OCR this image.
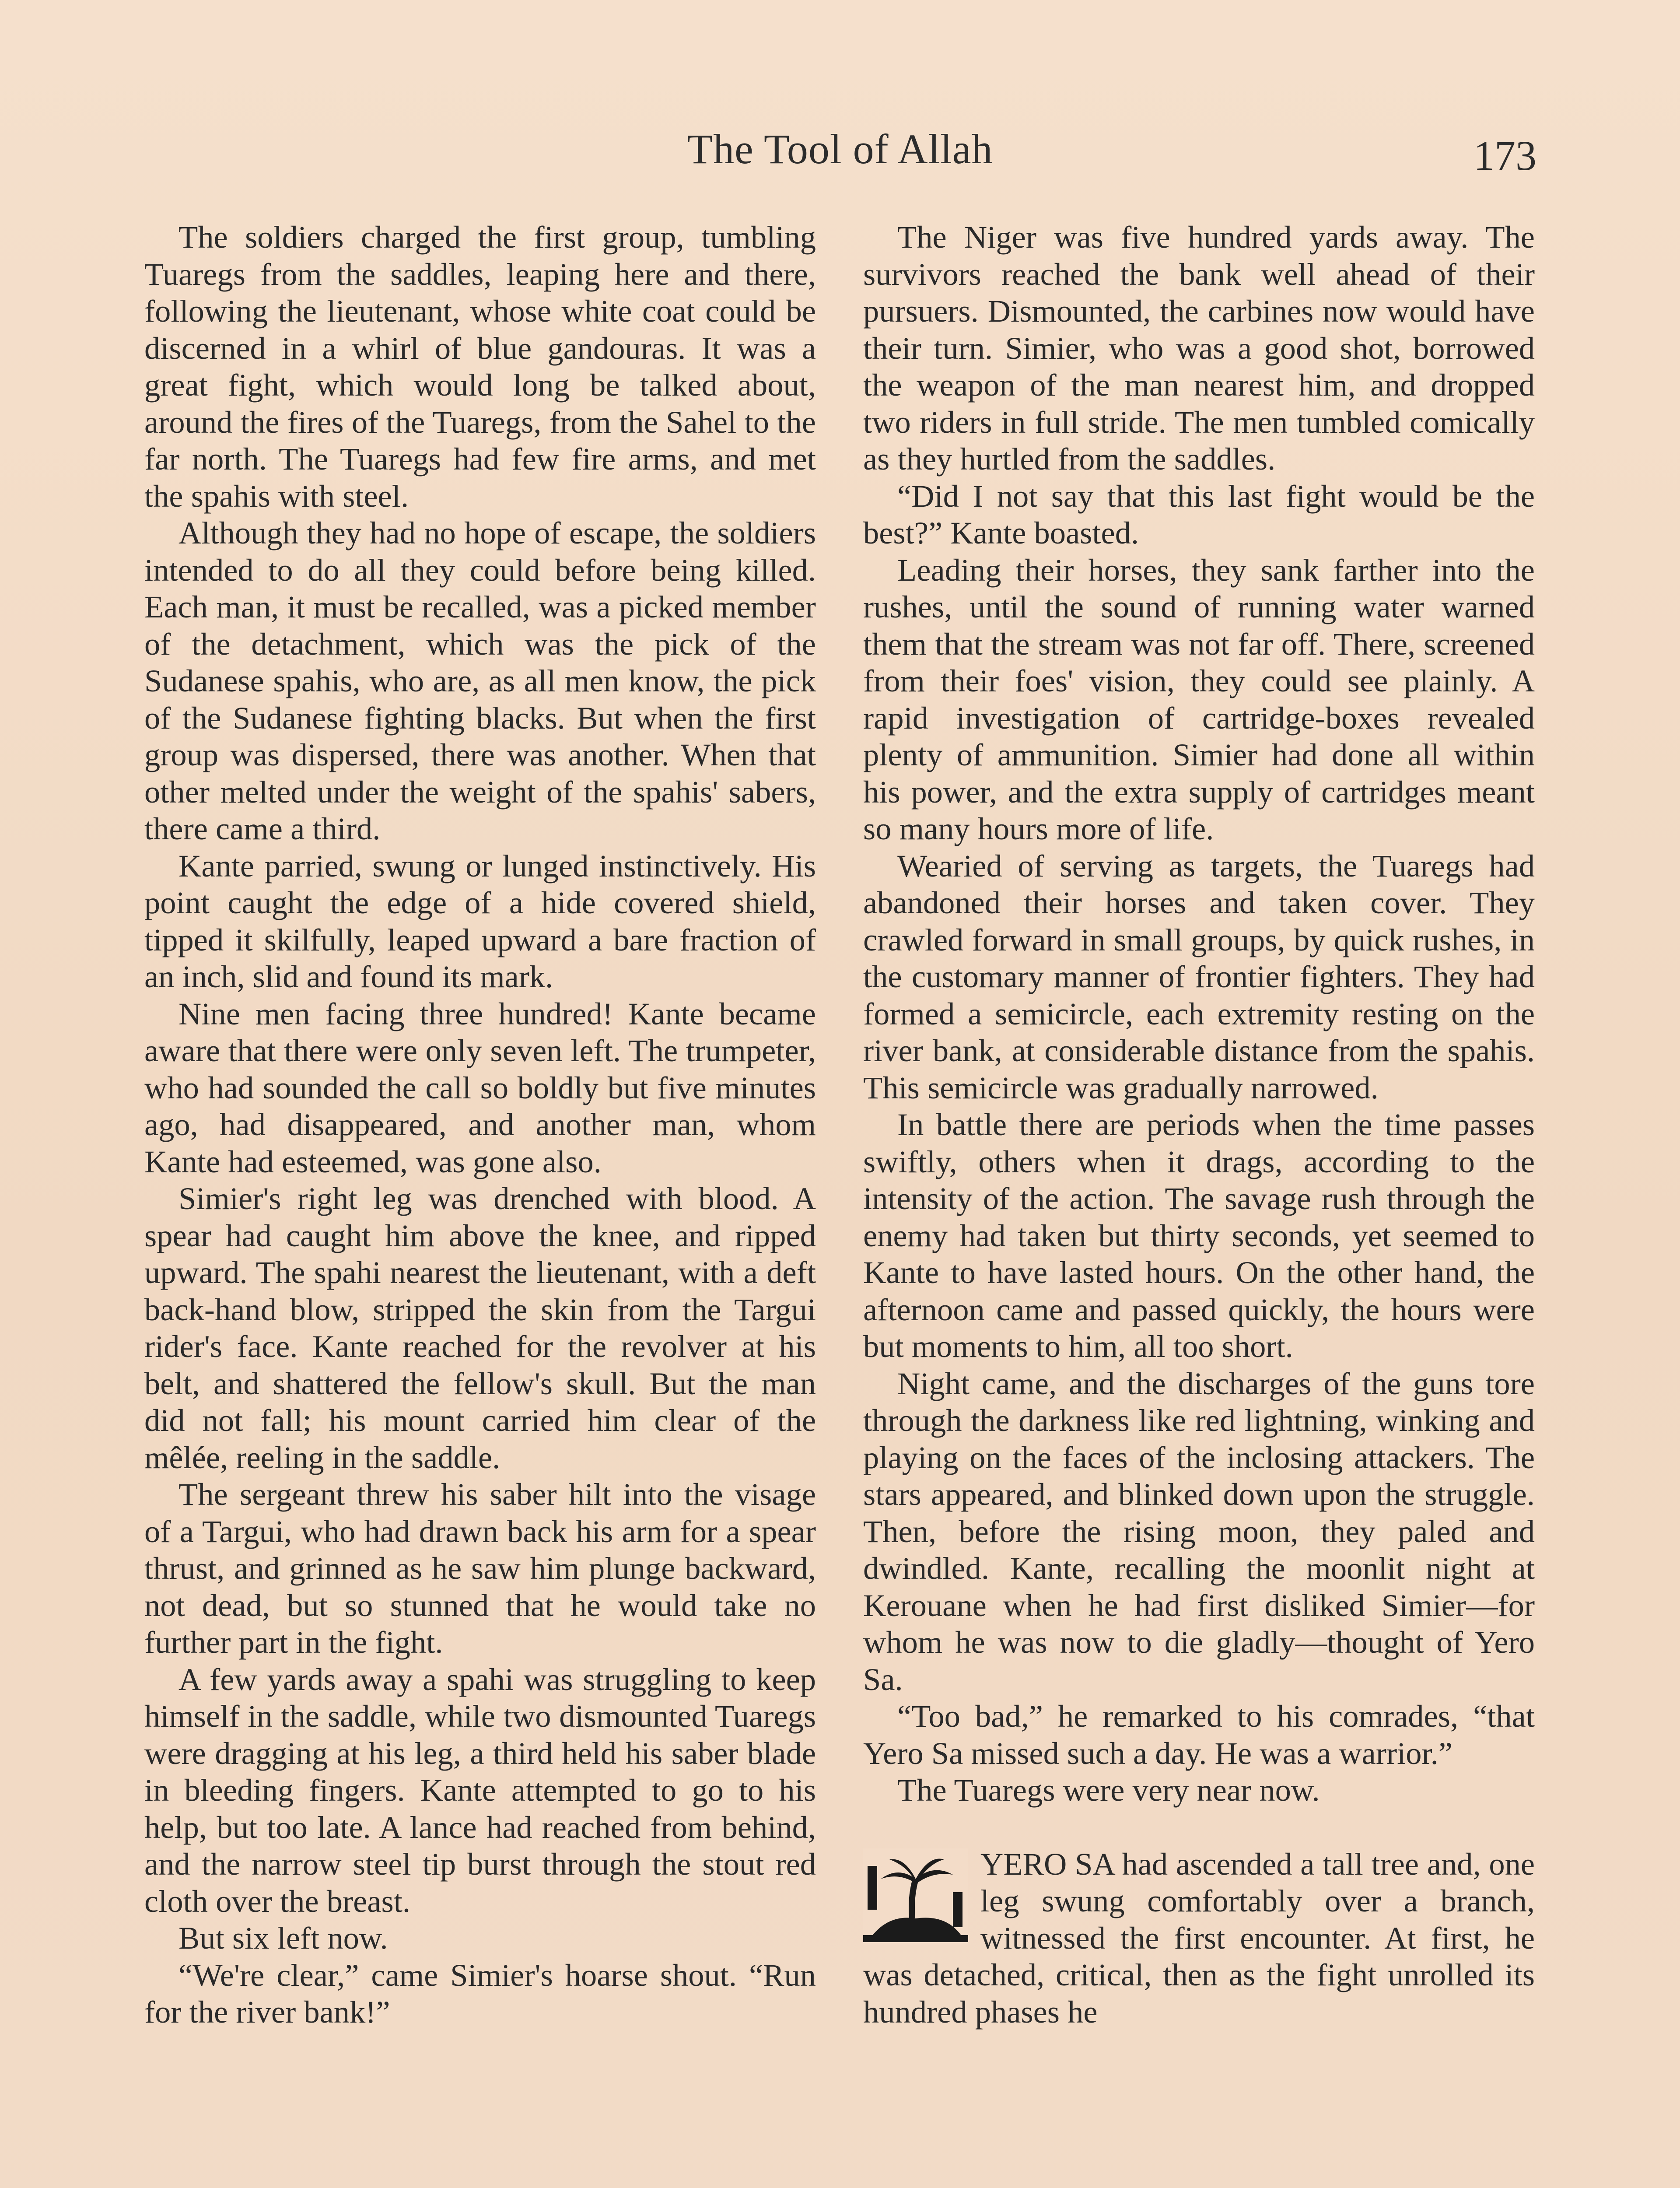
The Tool of Allah	173

The soldiers charged the first group, tumbling Tuaregs from the saddles, leaping here and there, following the lieutenant, whose white coat could be discerned in a whirl of blue gandouras. It was a great fight, which would long be talked about, around the fires of the Tuaregs, from the Sahel to the far north. The Tuaregs had few fire arms, and met the spahis with steel.

Although they had no hope of escape, the soldiers intended to do all they could before being killed. Each man, it must be recalled, was a picked member of the detachment, which was the pick of the Sudanese spahis, who are, as all men know, the pick of the Sudanese fighting blacks. But when the first group was dispersed, there was another. When that other melted under the weight of the spahis' sabers, there came a third.

Kante parried, swung or lunged instinctively. His point caught the edge of a hide covered shield, tipped it skilfully, leaped upward a bare fraction of an inch, slid and found its mark.

Nine men facing three hundred! Kante became aware that there were only seven left. The trumpeter, who had sounded the call so boldly but five minutes ago, had disappeared, and another man, whom Kante had esteemed, was gone also.

Simier's right leg was drenched with blood. A spear had caught him above the knee, and ripped upward. The spahi nearest the lieutenant, with a deft back-hand blow, stripped the skin from the Targui rider's face. Kante reached for the revolver at his belt, and shattered the fellow's skull. But the man did not fall; his mount carried him clear of the mêlée, reeling in the saddle.

The sergeant threw his saber hilt into the visage of a Targui, who had drawn back his arm for a spear thrust, and grinned as he saw him plunge backward, not dead, but so stunned that he would take no further part in the fight.

A few yards away a spahi was struggling to keep himself in the saddle, while two dismounted Tuaregs were dragging at his leg, a third held his saber blade in bleeding fingers. Kante attempted to go to his help, but too late. A lance had reached from behind, and the narrow steel tip burst through the stout red cloth over the breast.

But six left now.

“We're clear,” came Simier's hoarse shout. “Run for the river bank!”

The Niger was five hundred yards away. The survivors reached the bank well ahead of their pursuers. Dismounted, the carbines now would have their turn. Simier, who was a good shot, borrowed the weapon of the man nearest him, and dropped two riders in full stride. The men tumbled comically as they hurtled from the saddles.

“Did I not say that this last fight would be the best?” Kante boasted.

Leading their horses, they sank farther into the rushes, until the sound of running water warned them that the stream was not far off. There, screened from their foes' vision, they could see plainly. A rapid investigation of cartridge-boxes revealed plenty of ammunition. Simier had done all within his power, and the extra supply of cartridges meant so many hours more of life.

Wearied of serving as targets, the Tuaregs had abandoned their horses and taken cover. They crawled forward in small groups, by quick rushes, in the customary manner of frontier fighters. They had formed a semicircle, each extremity resting on the river bank, at considerable distance from the spahis. This semicircle was gradually narrowed.

In battle there are periods when the time passes swiftly, others when it drags, according to the intensity of the action. The savage rush through the enemy had taken but thirty seconds, yet seemed to Kante to have lasted hours. On the other hand, the afternoon came and passed quickly, the hours were but moments to him, all too short.

Night came, and the discharges of the guns tore through the darkness like red lightning, winking and playing on the faces of the inclosing attackers. The stars appeared, and blinked down upon the struggle. Then, before the rising moon, they paled and dwindled. Kante, recalling the moonlit night at Kerouane when he had first disliked Simier—for whom he was now to die gladly—thought of Yero Sa.

“Too bad,” he remarked to his comrades, “that Yero Sa missed such a day. He was a warrior.”

The Tuaregs were very near now.

YERO SA had ascended a tall tree and, one leg swung comfortably over a branch, witnessed the first encounter. At first, he was detached, critical, then as the fight unrolled its hundred phases he
